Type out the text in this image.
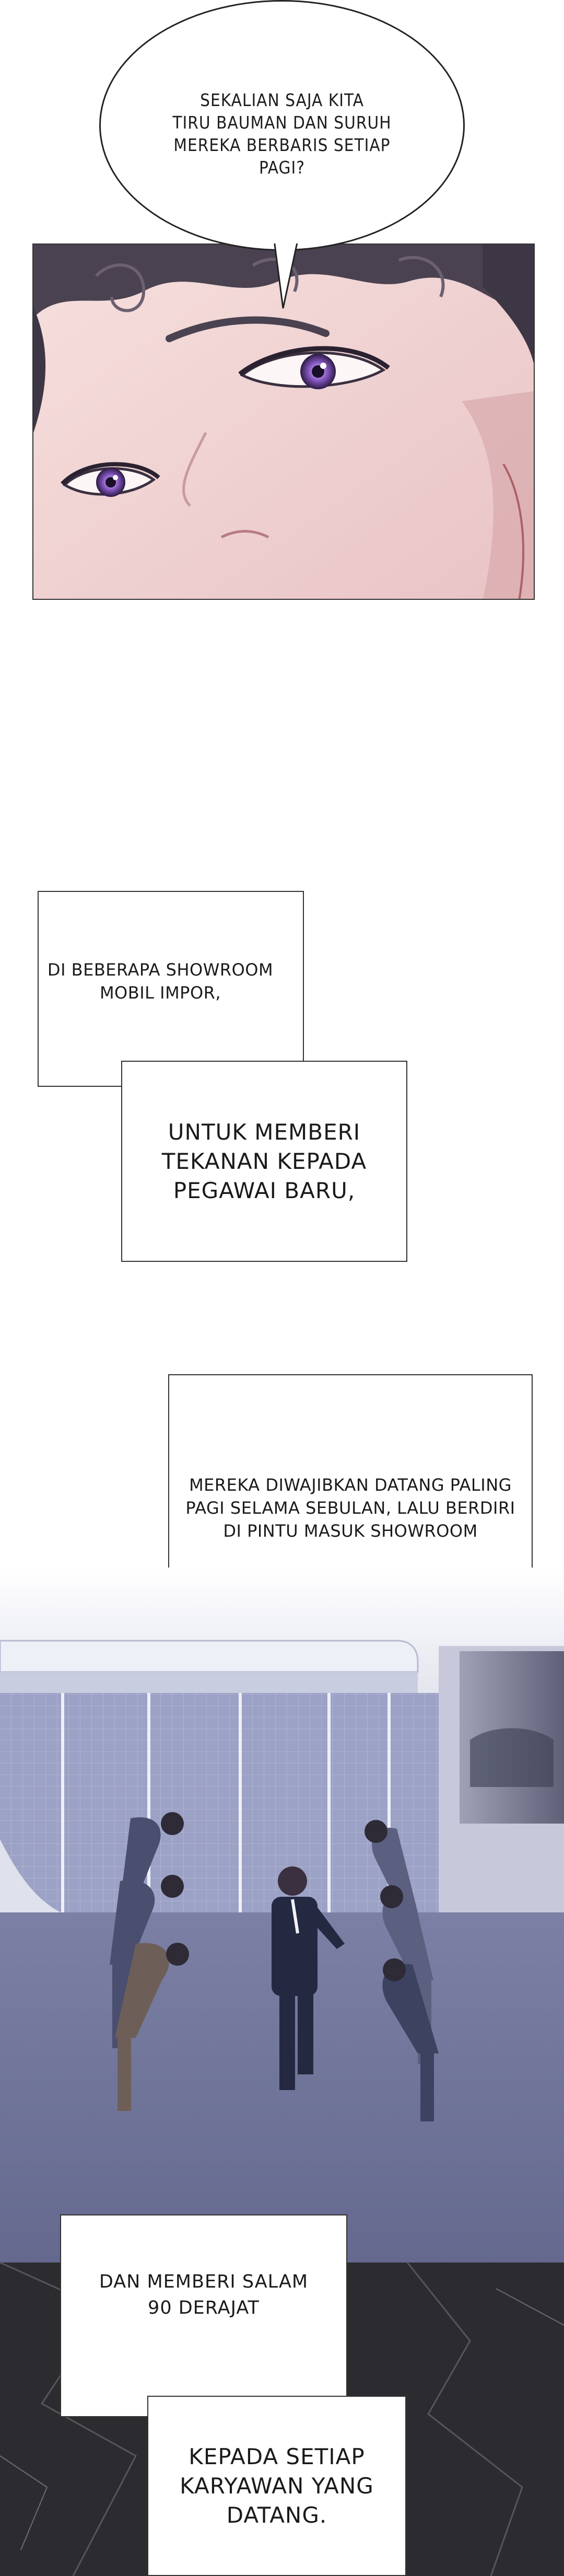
SEKALIAN SAJA KITA
TIRU BAUMAN DAN SURUH
MEREKA BERBARIS SETIAP
PAGI?
DI BEBERAPA SHOWROOM
MOBIL IMPOR,
UNTUK MEMBERI
TEKANAN KEPADA
PEGAWAI BARU,
MEREKA DIWAJIBKAN DATANG PALING
PAGI SELAMA SEBULAN, LALU BERDIRI
DI PINTU MASUK SHOWROOM
DAN MEMBERI SALAM
90 DERAJAT
KEPADA SETIAP
KARYAWAN YANG
DATANG.
